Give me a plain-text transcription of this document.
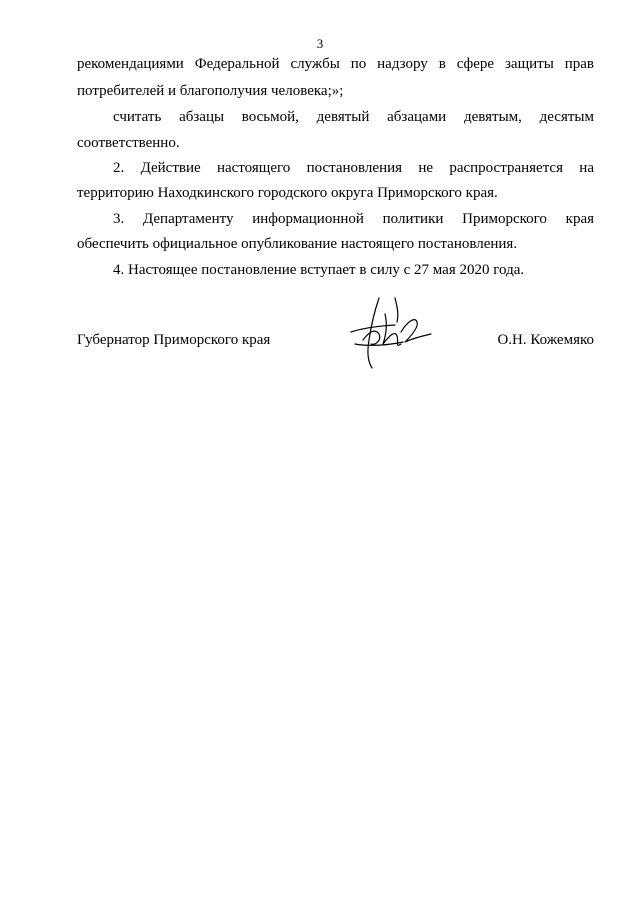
3
рекомендациями Федеральной службы по надзору в сфере защиты прав
потребителей и благополучия человека;»;
считать абзацы восьмой, девятый абзацами девятым, десятым
соответственно.
2. Действие настоящего постановления не распространяется на
территорию Находкинского городского округа Приморского края.
3. Департаменту информационной политики Приморского края
обеспечить официальное опубликование настоящего постановления.
4. Настоящее постановление вступает в силу с 27 мая 2020 года.
Губернатор Приморского края	О.Н. Кожемяко
